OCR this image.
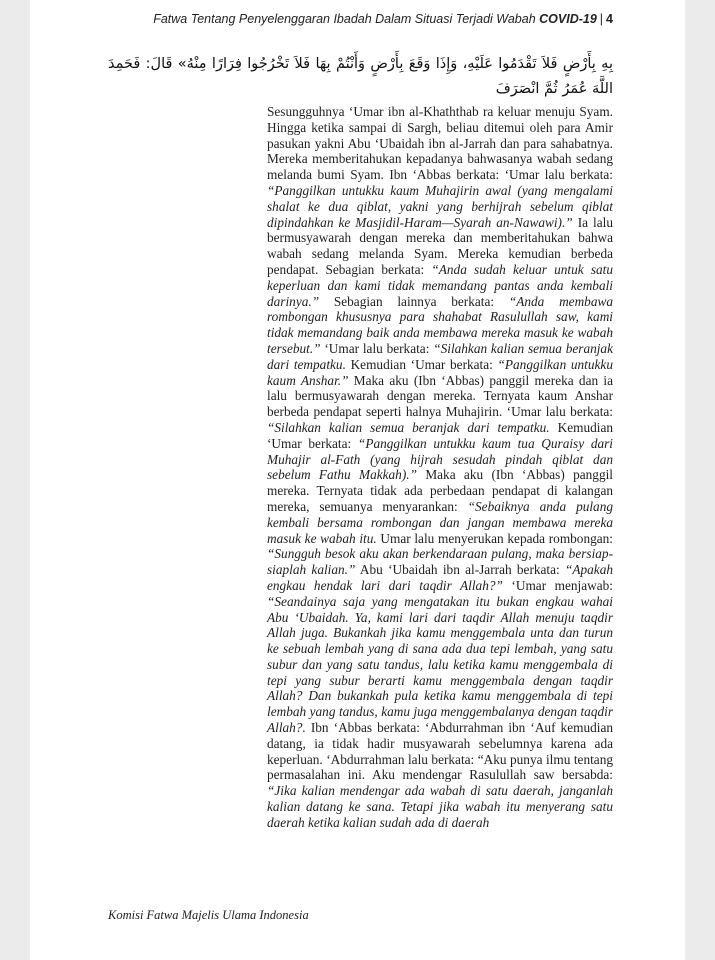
Fatwa Tentang Penyelenggaran Ibadah Dalam Situasi Terjadi Wabah COVID-19 | 4
بِهِ بِأَرْضٍ فَلاَ تَقْدَمُوا عَلَيْهِ، وَإِذَا وَقَعَ بِأَرْضٍ وَأَنْتُمْ بِهَا فَلاَ تَخْرُجُوا فِرَارًا مِنْهُ» قَالَ: فَحَمِدَ اللَّهَ عُمَرُ ثُمَّ انْصَرَفَ

Sesungguhnya ‘Umar ibn al-Khaththab ra keluar menuju Syam. Hingga ketika sampai di Sargh, beliau ditemui oleh para Amir pasukan yakni Abu ‘Ubaidah ibn al-Jarrah dan para sahabatnya. Mereka memberitahukan kepadanya bahwasanya wabah sedang melanda bumi Syam. Ibn ‘Abbas berkata: ‘Umar lalu berkata: “Panggilkan untukku kaum Muhajirin awal (yang mengalami shalat ke dua qiblat, yakni yang berhijrah sebelum qiblat dipindahkan ke Masjidil-Haram—Syarah an-Nawawi).” Ia lalu bermusyawarah dengan mereka dan memberitahukan bahwa wabah sedang melanda Syam. Mereka kemudian berbeda pendapat. Sebagian berkata: “Anda sudah keluar untuk satu keperluan dan kami tidak memandang pantas anda kembali darinya.” Sebagian lainnya berkata: “Anda membawa rombongan khususnya para shahabat Rasulullah saw, kami tidak memandang baik anda membawa mereka masuk ke wabah tersebut.” ‘Umar lalu berkata: “Silahkan kalian semua beranjak dari tempatku. Kemudian ‘Umar berkata: “Panggilkan untukku kaum Anshar.” Maka aku (Ibn ‘Abbas) panggil mereka dan ia lalu bermusyawarah dengan mereka. Ternyata kaum Anshar berbeda pendapat seperti halnya Muhajirin. ‘Umar lalu berkata: “Silahkan kalian semua beranjak dari tempatku. Kemudian ‘Umar berkata: “Panggilkan untukku kaum tua Quraisy dari Muhajir al-Fath (yang hijrah sesudah pindah qiblat dan sebelum Fathu Makkah).” Maka aku (Ibn ‘Abbas) panggil mereka. Ternyata tidak ada perbedaan pendapat di kalangan mereka, semuanya menyarankan: “Sebaiknya anda pulang kembali bersama rombongan dan jangan membawa mereka masuk ke wabah itu. Umar lalu menyerukan kepada rombongan: “Sungguh besok aku akan berkendaraan pulang, maka bersiap-siaplah kalian.” Abu ‘Ubaidah ibn al-Jarrah berkata: “Apakah engkau hendak lari dari taqdir Allah?” ‘Umar menjawab: “Seandainya saja yang mengatakan itu bukan engkau wahai Abu ‘Ubaidah. Ya, kami lari dari taqdir Allah menuju taqdir Allah juga. Bukankah jika kamu menggembala unta dan turun ke sebuah lembah yang di sana ada dua tepi lembah, yang satu subur dan yang satu tandus, lalu ketika kamu menggembala di tepi yang subur berarti kamu menggembala dengan taqdir Allah? Dan bukankah pula ketika kamu menggembala di tepi lembah yang tandus, kamu juga menggembalanya dengan taqdir Allah?. Ibn ‘Abbas berkata: ‘Abdurrahman ibn ‘Auf kemudian datang, ia tidak hadir musyawarah sebelumnya karena ada keperluan. ‘Abdurrahman lalu berkata: “Aku punya ilmu tentang permasalahan ini. Aku mendengar Rasulullah saw bersabda: “Jika kalian mendengar ada wabah di satu daerah, janganlah kalian datang ke sana. Tetapi jika wabah itu menyerang satu daerah ketika kalian sudah ada di daerah

Komisi Fatwa Majelis Ulama Indonesia
